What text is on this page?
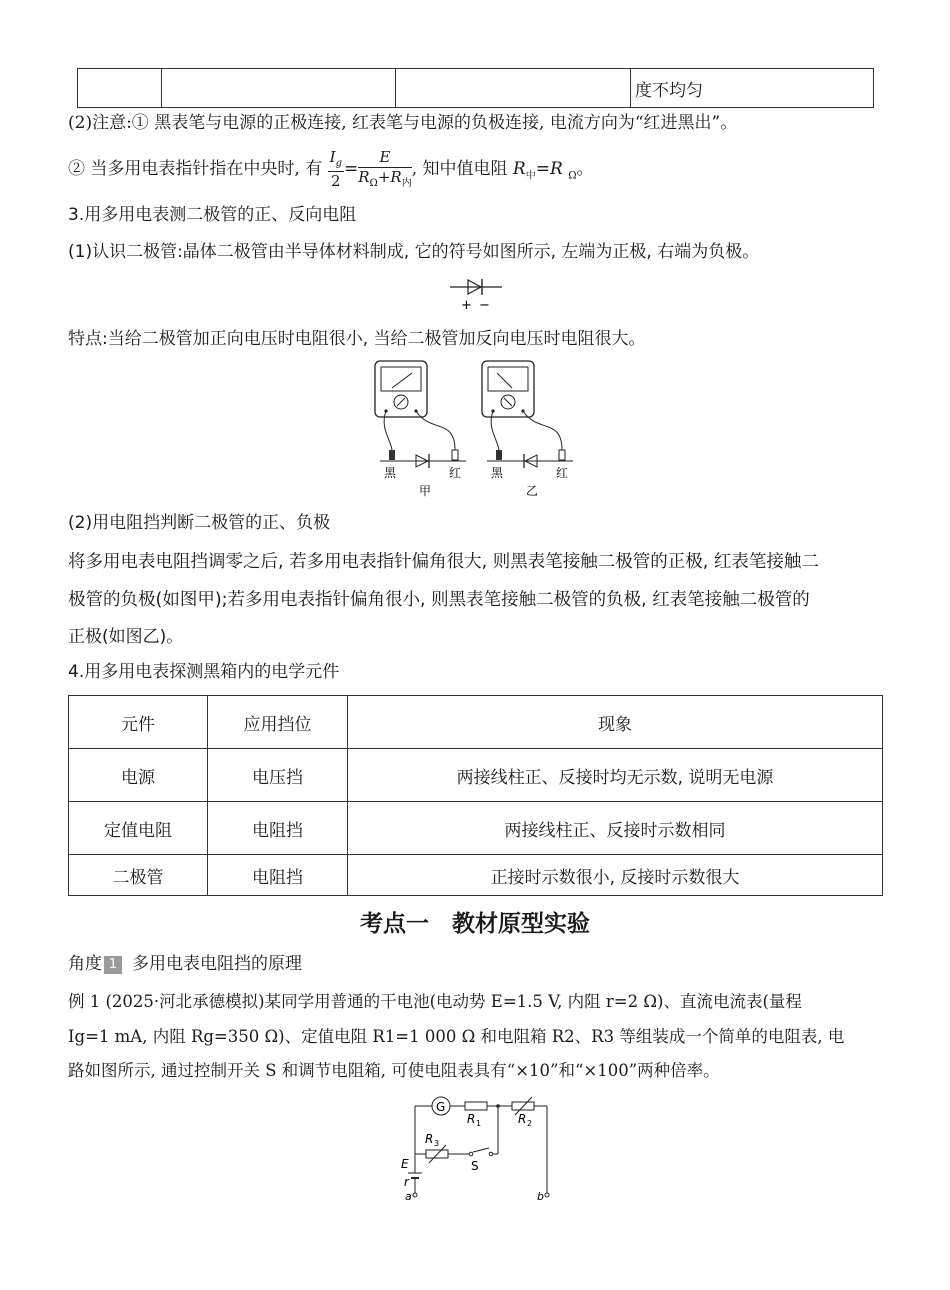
			度不均匀
(2)注意:① 黑表笔与电源的正极连接, 红表笔与电源的负极连接, 电流方向为“红进黑出”。
② 当多用电表指针指在中央时, 有 $\frac{I_g}{2} = \frac{E}{R_\Omega+R_内}$ , 知中值电阻 $R_中=R$ $_\Omega$。
3.用多用电表测二极管的正、反向电阻
(1)认识二极管:晶体二极管由半导体材料制成, 它的符号如图所示, 左端为正极, 右端为负极。
+ −
特点:当给二极管加正向电压时电阻很小, 当给二极管加反向电压时电阻很大。
黑	红
甲
黑	红
乙
(2)用电阻挡判断二极管的正、负极
将多用电表电阻挡调零之后, 若多用电表指针偏角很大, 则黑表笔接触二极管的正极, 红表笔接触二
极管的负极(如图甲);若多用电表指针偏角很小, 则黑表笔接触二极管的负极, 红表笔接触二极管的
正极(如图乙)。
4.用多用电表探测黑箱内的电学元件
元件	应用挡位	现象
电源	电压挡	两接线柱正、反接时均无示数, 说明无电源
定值电阻	电阻挡	两接线柱正、反接时示数相同
二极管	电阻挡	正接时示数很小, 反接时示数很大
考点一　教材原型实验
角度 1 多用电表电阻挡的原理
例 1 (2025·河北承德模拟)某同学用普通的干电池(电动势 E=1.5 V, 内阻 r=2 Ω)、直流电流表(量程
Ig=1 mA, 内阻 Rg=350 Ω)、定值电阻 R1=1 000 Ω 和电阻箱 R2、R3 等组装成一个简单的电阻表, 电
路如图所示, 通过控制开关 S 和调节电阻箱, 可使电阻表具有“×10”和“×100”两种倍率。
G
R 1	R 2
R 3
S
E
r
a	b
